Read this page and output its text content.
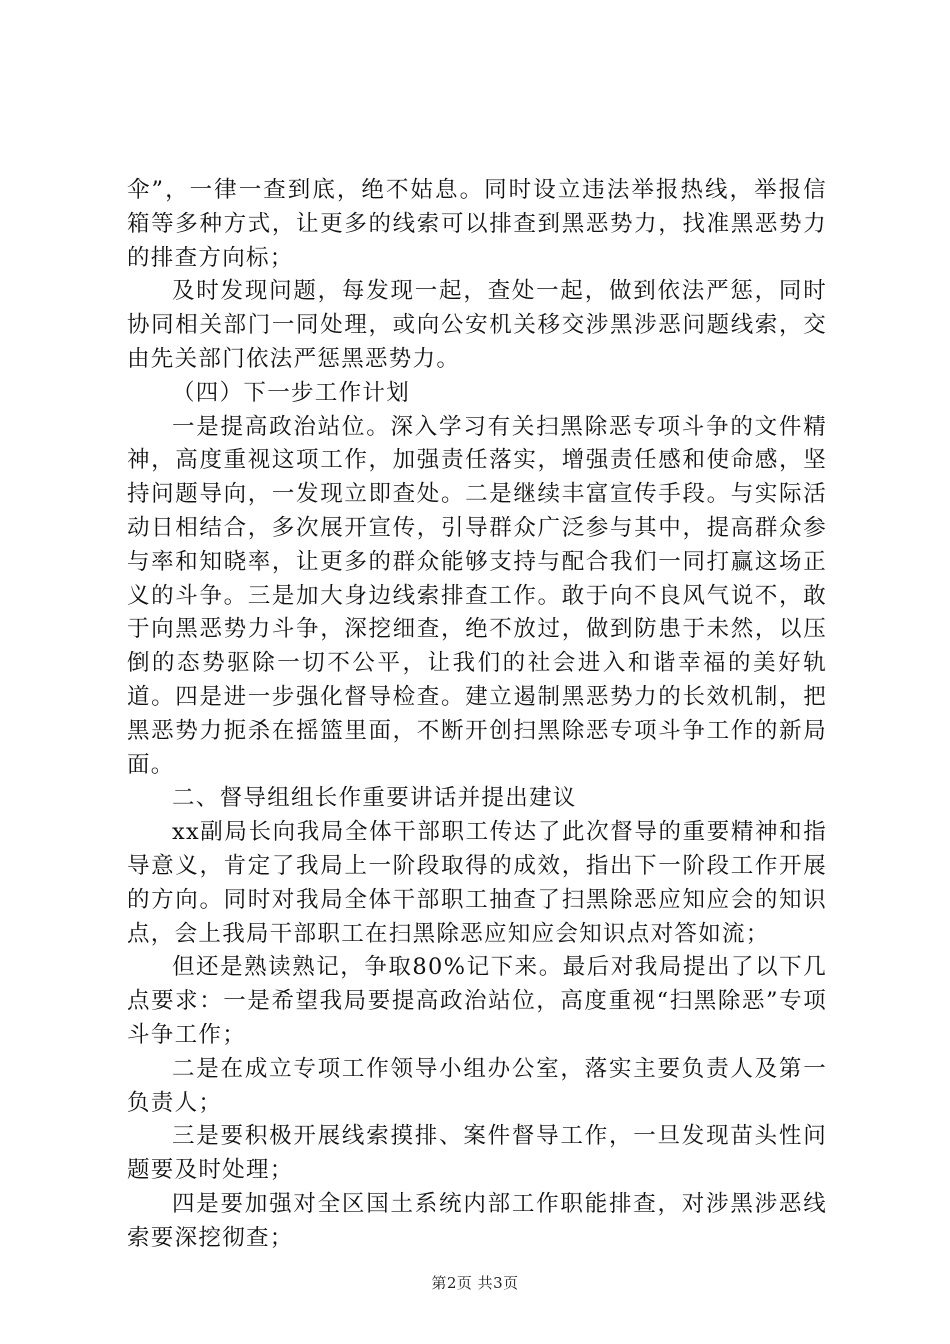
伞”，一律一查到底，绝不姑息。同时设立违法举报热线，举报信箱等多种方式，让更多的线索可以排查到黑恶势力，找准黑恶势力的排查方向标；

及时发现问题，每发现一起，查处一起，做到依法严惩，同时协同相关部门一同处理，或向公安机关移交涉黑涉恶问题线索，交由先关部门依法严惩黑恶势力。

（四）下一步工作计划

一是提高政治站位。深入学习有关扫黑除恶专项斗争的文件精神，高度重视这项工作，加强责任落实，增强责任感和使命感，坚持问题导向，一发现立即查处。二是继续丰富宣传手段。与实际活动日相结合，多次展开宣传，引导群众广泛参与其中，提高群众参与率和知晓率，让更多的群众能够支持与配合我们一同打赢这场正义的斗争。三是加大身边线索排查工作。敢于向不良风气说不，敢于向黑恶势力斗争，深挖细查，绝不放过，做到防患于未然，以压倒的态势驱除一切不公平，让我们的社会进入和谐幸福的美好轨道。四是进一步强化督导检查。建立遏制黑恶势力的长效机制，把黑恶势力扼杀在摇篮里面，不断开创扫黑除恶专项斗争工作的新局面。

二、督导组组长作重要讲话并提出建议

xx副局长向我局全体干部职工传达了此次督导的重要精神和指导意义，肯定了我局上一阶段取得的成效，指出下一阶段工作开展的方向。同时对我局全体干部职工抽查了扫黑除恶应知应会的知识点，会上我局干部职工在扫黑除恶应知应会知识点对答如流；

但还是熟读熟记，争取80%记下来。最后对我局提出了以下几点要求：一是希望我局要提高政治站位，高度重视“扫黑除恶”专项斗争工作；

二是在成立专项工作领导小组办公室，落实主要负责人及第一负责人；

三是要积极开展线索摸排、案件督导工作，一旦发现苗头性问题要及时处理；

四是要加强对全区国土系统内部工作职能排查，对涉黑涉恶线索要深挖彻查；

第2页 共3页
